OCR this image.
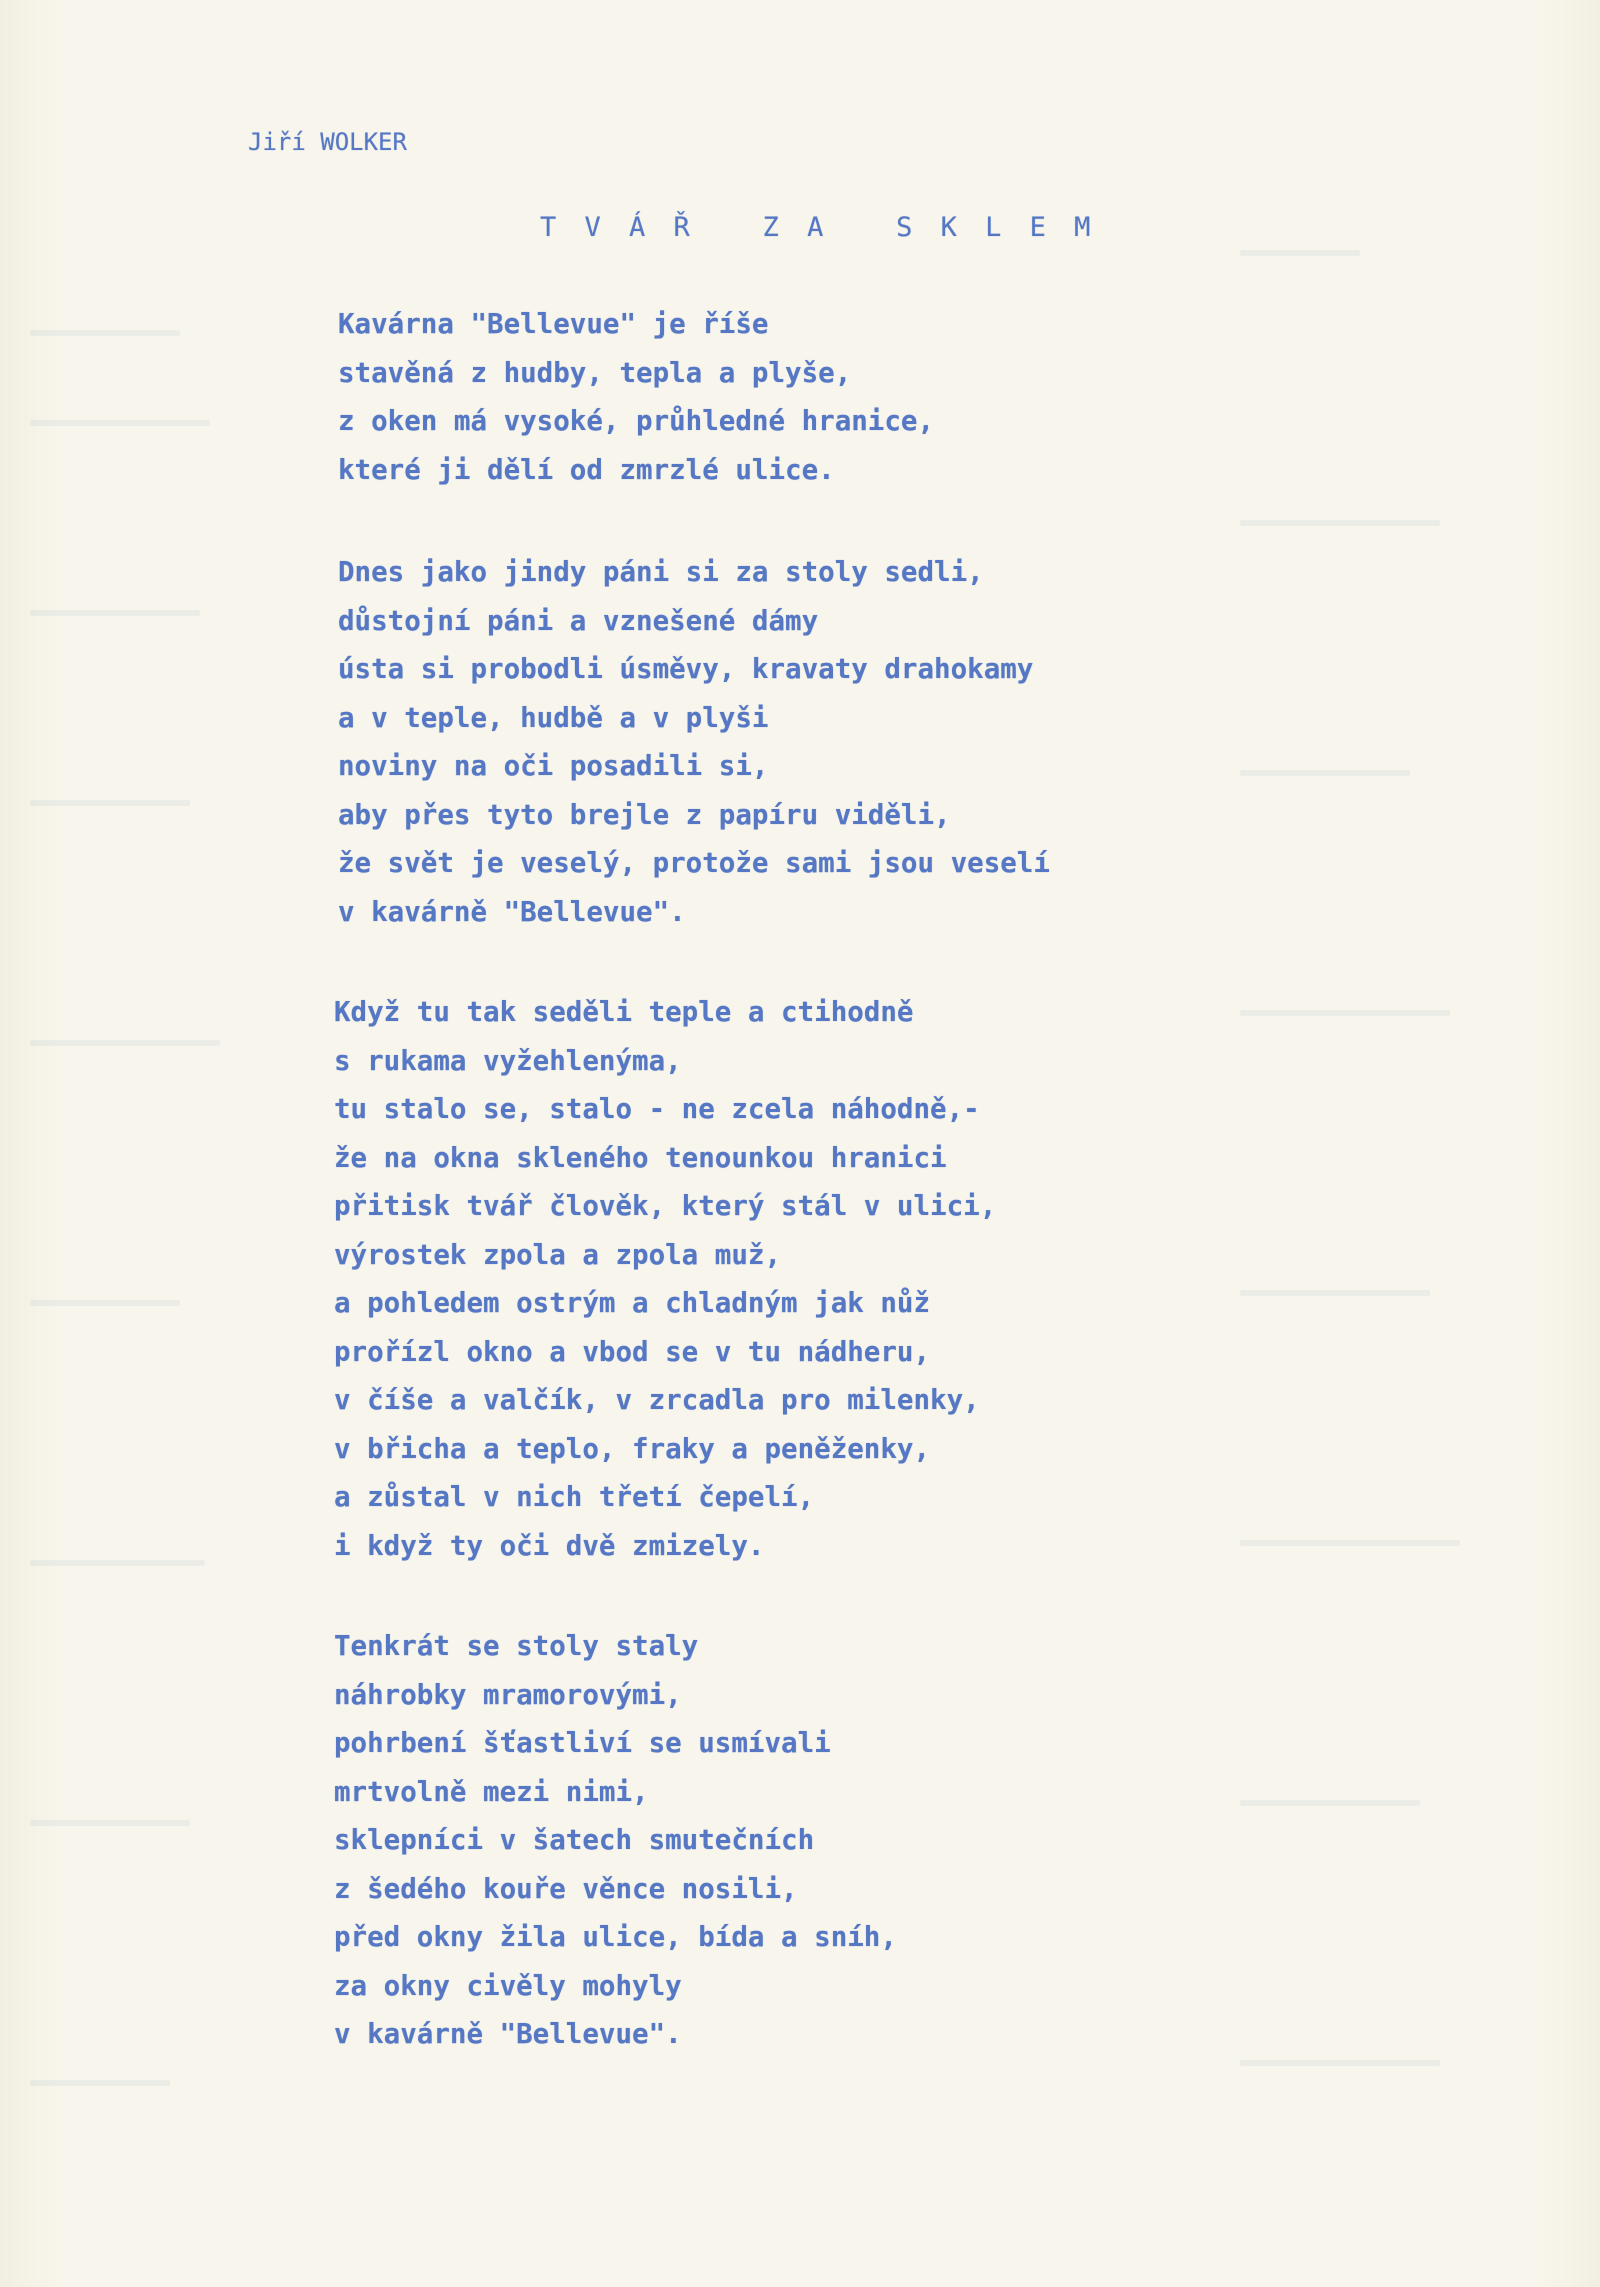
Jiří WOLKER
T V Á Ř   Z A   S K L E M
Kavárna "Bellevue" je říše
stavěná z hudby, tepla a plyše,
z oken má vysoké, průhledné hranice,
které ji dělí od zmrzlé ulice.
Dnes jako jindy páni si za stoly sedli,
důstojní páni a vznešené dámy
ústa si probodli úsměvy, kravaty drahokamy
a v teple, hudbě a v plyši
noviny na oči posadili si,
aby přes tyto brejle z papíru viděli,
že svět je veselý, protože sami jsou veselí
v kavárně "Bellevue".
Když tu tak seděli teple a ctihodně
s rukama vyžehlenýma,
tu stalo se, stalo - ne zcela náhodně,-
že na okna skleného tenounkou hranici
přitisk tvář člověk, který stál v ulici,
výrostek zpola a zpola muž,
a pohledem ostrým a chladným jak nůž
prořízl okno a vbod se v tu nádheru,
v číše a valčík, v zrcadla pro milenky,
v břicha a teplo, fraky a peněženky,
a zůstal v nich třetí čepelí,
i když ty oči dvě zmizely.
Tenkrát se stoly staly
náhrobky mramorovými,
pohrbení šťastliví se usmívali
mrtvolně mezi nimi,
sklepníci v šatech smutečních
z šedého kouře věnce nosili,
před okny žila ulice, bída a sníh,
za okny civěly mohyly
v kavárně "Bellevue".
